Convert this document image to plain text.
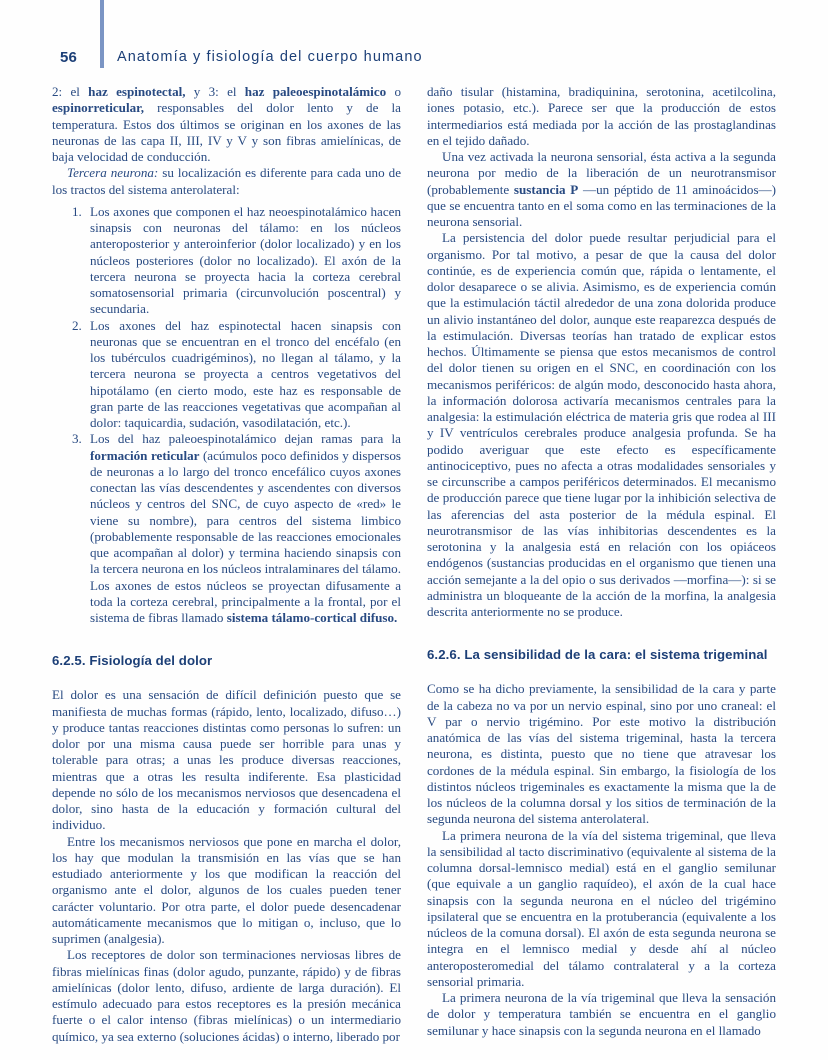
56	Anatomía y fisiología del cuerpo humano

2: el haz espinotectal, y 3: el haz paleoespinotalámico o espinorreticular, responsables del dolor lento y de la temperatura. Estos dos últimos se originan en los axones de las neuronas de las capa II, III, IV y V y son fibras amielínicas, de baja velocidad de conducción.

Tercera neurona: su localización es diferente para cada uno de los tractos del sistema anterolateral:

Los axones que componen el haz neoespinotalámico hacen sinapsis con neuronas del tálamo: en los núcleos anteroposterior y anteroinferior (dolor localizado) y en los núcleos posteriores (dolor no localizado). El axón de la tercera neurona se proyecta hacia la corteza cerebral somatosensorial primaria (circunvolución poscentral) y secundaria.
Los axones del haz espinotectal hacen sinapsis con neuronas que se encuentran en el tronco del encéfalo (en los tubérculos cuadrigéminos), no llegan al tálamo, y la tercera neurona se proyecta a centros vegetativos del hipotálamo (en cierto modo, este haz es responsable de gran parte de las reacciones vegetativas que acompañan al dolor: taquicardia, sudación, vasodilatación, etc.).
Los del haz paleoespinotalámico dejan ramas para la formación reticular (acúmulos poco definidos y dispersos de neuronas a lo largo del tronco encefálico cuyos axones conectan las vías descendentes y ascendentes con diversos núcleos y centros del SNC, de cuyo aspecto de «red» le viene su nombre), para centros del sistema limbico (probablemente responsable de las reacciones emocionales que acompañan al dolor) y termina haciendo sinapsis con la tercera neurona en los núcleos intralaminares del tálamo. Los axones de estos núcleos se proyectan difusamente a toda la corteza cerebral, principalmente a la frontal, por el sistema de fibras llamado sistema tálamo-cortical difuso.
6.2.5. Fisiología del dolor

El dolor es una sensación de difícil definición puesto que se manifiesta de muchas formas (rápido, lento, localizado, difuso…) y produce tantas reacciones distintas como personas lo sufren: un dolor por una misma causa puede ser horrible para unas y tolerable para otras; a unas les produce diversas reacciones, mientras que a otras les resulta indiferente. Esa plasticidad depende no sólo de los mecanismos nerviosos que desencadena el dolor, sino hasta de la educación y formación cultural del individuo.

Entre los mecanismos nerviosos que pone en marcha el dolor, los hay que modulan la transmisión en las vías que se han estudiado anteriormente y los que modifican la reacción del organismo ante el dolor, algunos de los cuales pueden tener carácter voluntario. Por otra parte, el dolor puede desencadenar automáticamente mecanismos que lo mitigan o, incluso, que lo suprimen (analgesia).

Los receptores de dolor son terminaciones nerviosas libres de fibras mielínicas finas (dolor agudo, punzante, rápido) y de fibras amielínicas (dolor lento, difuso, ardiente de larga duración). El estímulo adecuado para estos receptores es la presión mecánica fuerte o el calor intenso (fibras mielínicas) o un intermediario químico, ya sea externo (soluciones ácidas) o interno, liberado por

daño tisular (histamina, bradiquinina, serotonina, acetilcolina, iones potasio, etc.). Parece ser que la producción de estos intermediarios está mediada por la acción de las prostaglandinas en el tejido dañado.

Una vez activada la neurona sensorial, ésta activa a la segunda neurona por medio de la liberación de un neurotransmisor (probablemente sustancia P —un péptido de 11 aminoácidos—) que se encuentra tanto en el soma como en las terminaciones de la neurona sensorial.

La persistencia del dolor puede resultar perjudicial para el organismo. Por tal motivo, a pesar de que la causa del dolor continúe, es de experiencia común que, rápida o lentamente, el dolor desaparece o se alivia. Asimismo, es de experiencia común que la estimulación táctil alrededor de una zona dolorida produce un alivio instantáneo del dolor, aunque este reaparezca después de la estimulación. Diversas teorías han tratado de explicar estos hechos. Últimamente se piensa que estos mecanismos de control del dolor tienen su origen en el SNC, en coordinación con los mecanismos periféricos: de algún modo, desconocido hasta ahora, la información dolorosa activaría mecanismos centrales para la analgesia: la estimulación eléctrica de materia gris que rodea al III y IV ventrículos cerebrales produce analgesia profunda. Se ha podido averiguar que este efecto es específicamente antinociceptivo, pues no afecta a otras modalidades sensoriales y se circunscribe a campos periféricos determinados. El mecanismo de producción parece que tiene lugar por la inhibición selectiva de las aferencias del asta posterior de la médula espinal. El neurotransmisor de las vías inhibitorias descendentes es la serotonina y la analgesia está en relación con los opiáceos endógenos (sustancias producidas en el organismo que tienen una acción semejante a la del opio o sus derivados —morfina—): si se administra un bloqueante de la acción de la morfina, la analgesia descrita anteriormente no se produce.

6.2.6. La sensibilidad de la cara: el sistema trigeminal

Como se ha dicho previamente, la sensibilidad de la cara y parte de la cabeza no va por un nervio espinal, sino por uno craneal: el V par o nervio trigémino. Por este motivo la distribución anatómica de las vías del sistema trigeminal, hasta la tercera neurona, es distinta, puesto que no tiene que atravesar los cordones de la médula espinal. Sin embargo, la fisiología de los distintos núcleos trigeminales es exactamente la misma que la de los núcleos de la columna dorsal y los sitios de terminación de la segunda neurona del sistema anterolateral.

La primera neurona de la vía del sistema trigeminal, que lleva la sensibilidad al tacto discriminativo (equivalente al sistema de la columna dorsal-lemnisco medial) está en el ganglio semilunar (que equivale a un ganglio raquídeo), el axón de la cual hace sinapsis con la segunda neurona en el núcleo del trigémino ipsilateral que se encuentra en la protuberancia (equivalente a los núcleos de la comuna dorsal). El axón de esta segunda neurona se integra en el lemnisco medial y desde ahí al núcleo anteroposteromedial del tálamo contralateral y a la corteza sensorial primaria.

La primera neurona de la vía trigeminal que lleva la sensación de dolor y temperatura también se encuentra en el ganglio semilunar y hace sinapsis con la segunda neurona en el llamado
